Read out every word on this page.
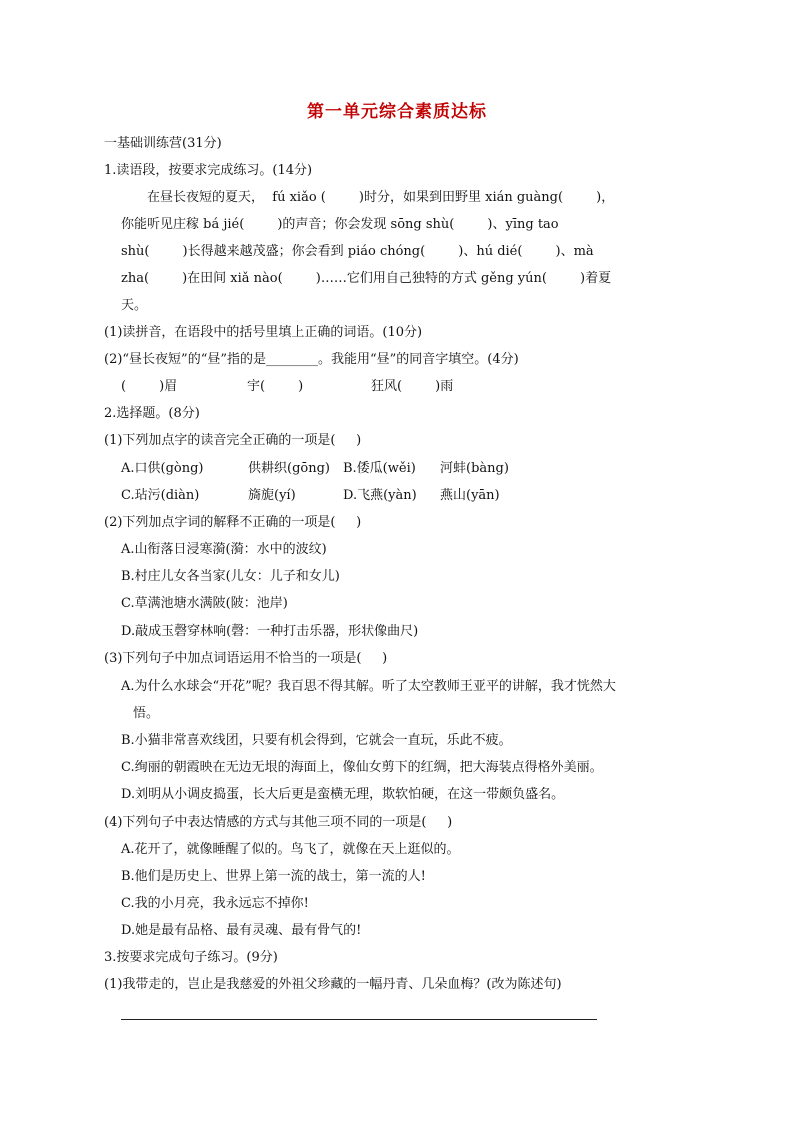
第一单元综合素质达标
一基础训练营(31分)
1.读语段，按要求完成练习。(14分)
在昼长夜短的夏天，  fú xiǎo (        )时分，如果到田野里 xián guàng(        )，
你能听见庄稼 bá jié(        )的声音；你会发现 sōng shù(        )、yīng tao
shù(        )长得越来越茂盛；你会看到 piáo chóng(        )、hú dié(        )、mà
zha(        )在田间 xiǎ nào(        )……它们用自己独特的方式 gěng yún(        )着夏
天。
(1)读拼音，在语段中的括号里填上正确的词语。(10分)
(2)“昼长夜短”的“昼”指的是________。我能用“昼”的同音字填空。(4分)
(        )眉	宇(        )	狂风(        )雨
2.选择题。(8分)
(1)下列加点字的读音完全正确的一项是(     )
A.口供(gòng)	供耕织(gōng) B.倭瓜(wěi) 河蚌(bàng)
C.玷污(diàn)	旖旎(yí)	D.飞燕(yàn) 燕山(yān)
(2)下列加点字词的解释不正确的一项是(     )
A.山衔落日浸寒漪(漪：水中的波纹)
B.村庄儿女各当家(儿女：儿子和女儿)
C.草满池塘水满陂(陂：池岸)
D.敲成玉磬穿林响(磬：一种打击乐器，形状像曲尺)
(3)下列句子中加点词语运用不恰当的一项是(     )
A.为什么水球会“开花”呢？我百思不得其解。听了太空教师王亚平的讲解，我才恍然大
悟。
B.小猫非常喜欢线团，只要有机会得到，它就会一直玩，乐此不疲。
C.绚丽的朝霞映在无边无垠的海面上，像仙女剪下的红绸，把大海装点得格外美丽。
D.刘明从小调皮捣蛋，长大后更是蛮横无理，欺软怕硬，在这一带颇负盛名。
(4)下列句子中表达情感的方式与其他三项不同的一项是(     )
A.花开了，就像睡醒了似的。鸟飞了，就像在天上逛似的。
B.他们是历史上、世界上第一流的战士，第一流的人!
C.我的小月亮，我永远忘不掉你!
D.她是最有品格、最有灵魂、最有骨气的!
3.按要求完成句子练习。(9分)
(1)我带走的，岂止是我慈爱的外祖父珍藏的一幅丹青、几朵血梅？(改为陈述句)
